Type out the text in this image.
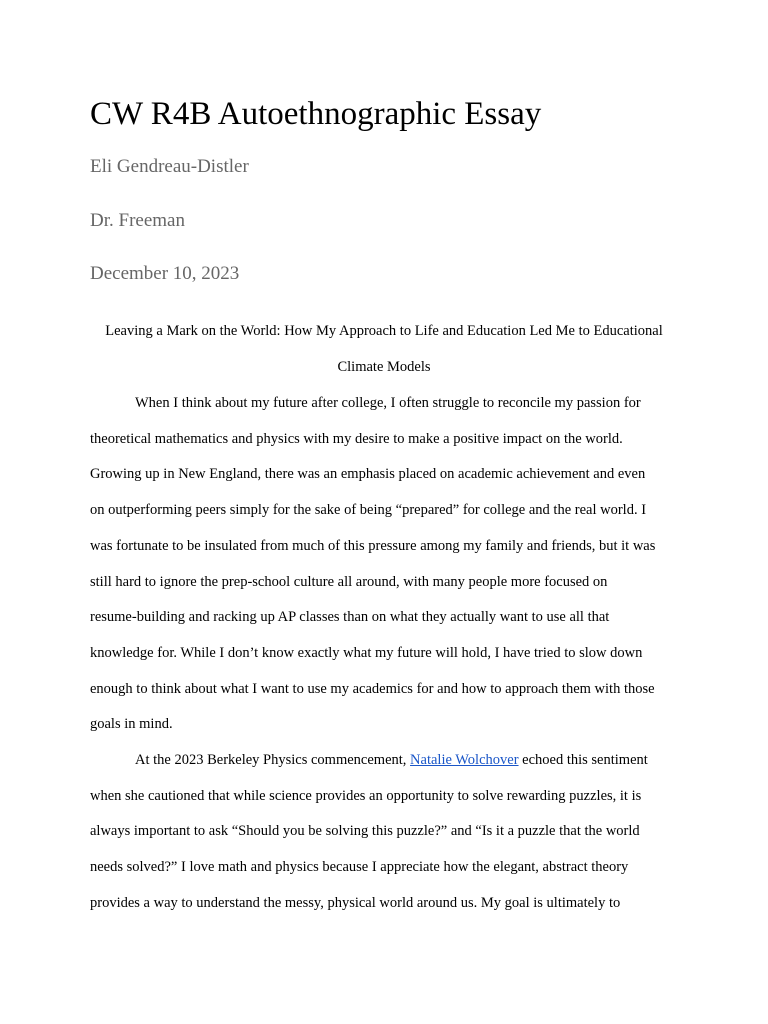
CW R4B Autoethnographic Essay

Eli Gendreau-Distler

Dr. Freeman

December 10, 2023

Leaving a Mark on the World: How My Approach to Life and Education Led Me to Educational
Climate Models

When I think about my future after college, I often struggle to reconcile my passion for
theoretical mathematics and physics with my desire to make a positive impact on the world.
Growing up in New England, there was an emphasis placed on academic achievement and even
on outperforming peers simply for the sake of being “prepared” for college and the real world. I
was fortunate to be insulated from much of this pressure among my family and friends, but it was
still hard to ignore the prep-school culture all around, with many people more focused on
resume-building and racking up AP classes than on what they actually want to use all that
knowledge for. While I don’t know exactly what my future will hold, I have tried to slow down
enough to think about what I want to use my academics for and how to approach them with those
goals in mind.

At the 2023 Berkeley Physics commencement, Natalie Wolchover echoed this sentiment
when she cautioned that while science provides an opportunity to solve rewarding puzzles, it is
always important to ask “Should you be solving this puzzle?” and “Is it a puzzle that the world
needs solved?” I love math and physics because I appreciate how the elegant, abstract theory
provides a way to understand the messy, physical world around us. My goal is ultimately to
